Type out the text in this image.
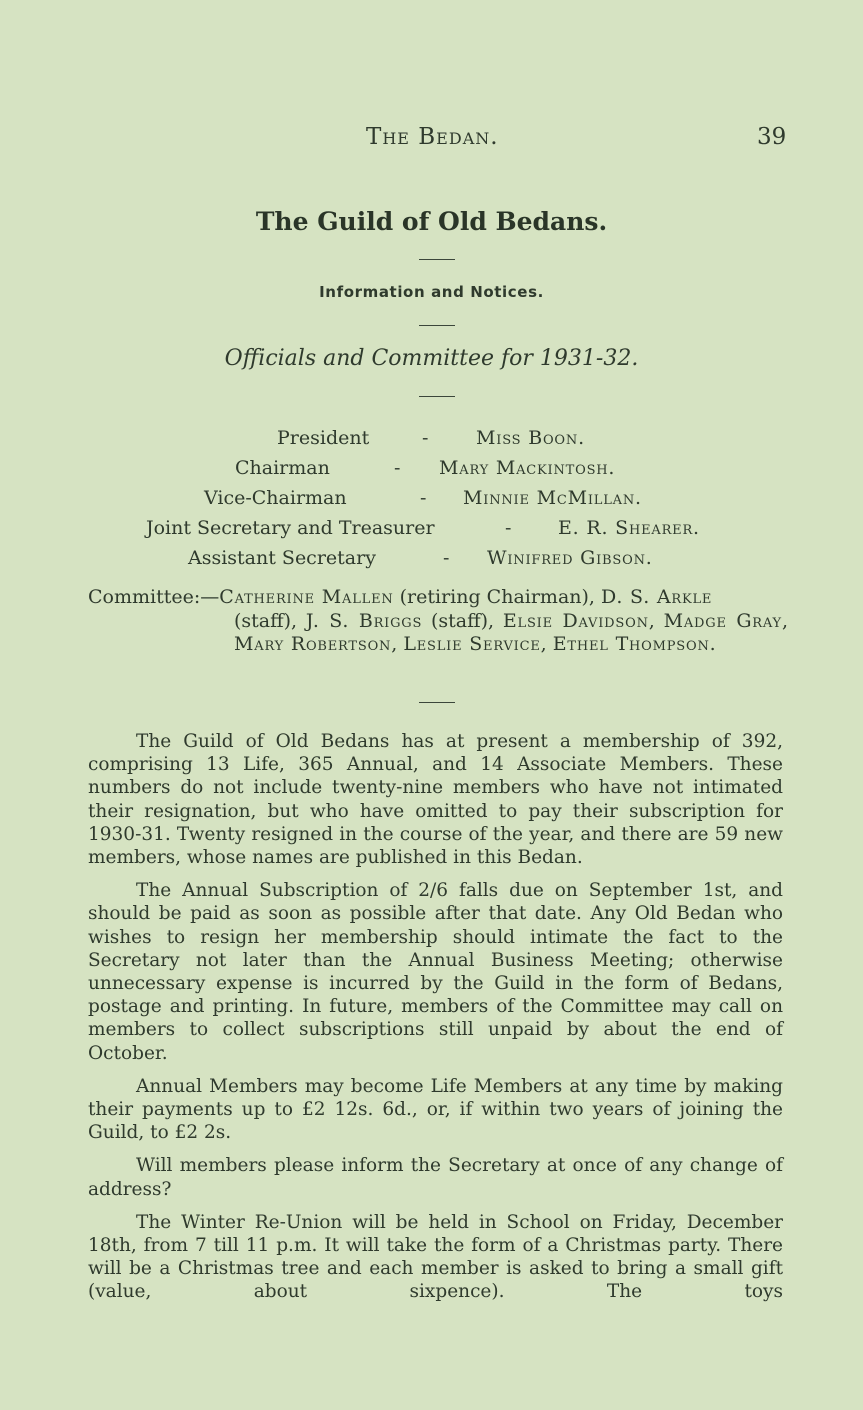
The Bedan.	39
The Guild of Old Bedans.
Information and Notices.
Officials and Committee for 1931-32.
President	-	Miss Boon.
Chairman	- Mary Mackintosh.
Vice-Chairman	- Minnie McMillan.
Joint Secretary and Treasurer	- E. R. Shearer.
Assistant Secretary	- Winifred Gibson.
Committee:—Catherine Mallen (retiring Chairman), D. S. Arkle
(staff), J. S. Briggs (staff), Elsie Davidson, Madge Gray, Mary Robertson, Leslie Service, Ethel Thompson.

The Guild of Old Bedans has at present a membership of 392, comprising 13 Life, 365 Annual, and 14 Associate Members. These numbers do not include twenty-nine members who have not intimated their resignation, but who have omitted to pay their subscription for 1930-31. Twenty resigned in the course of the year, and there are 59 new members, whose names are published in this Bedan.

The Annual Subscription of 2/6 falls due on September 1st, and should be paid as soon as possible after that date. Any Old Bedan who wishes to resign her membership should intimate the fact to the Secretary not later than the Annual Business Meeting; otherwise unnecessary expense is incurred by the Guild in the form of Bedans, postage and printing. In future, members of the Committee may call on members to collect subscriptions still unpaid by about the end of October.

Annual Members may become Life Members at any time by making their payments up to £2 12s. 6d., or, if within two years of joining the Guild, to £2 2s.

Will members please inform the Secretary at once of any change of address?

The Winter Re-Union will be held in School on Friday, December 18th, from 7 till 11 p.m. It will take the form of a Christmas party. There will be a Christmas tree and each member is asked to bring a small gift (value, about sixpence). The toys
